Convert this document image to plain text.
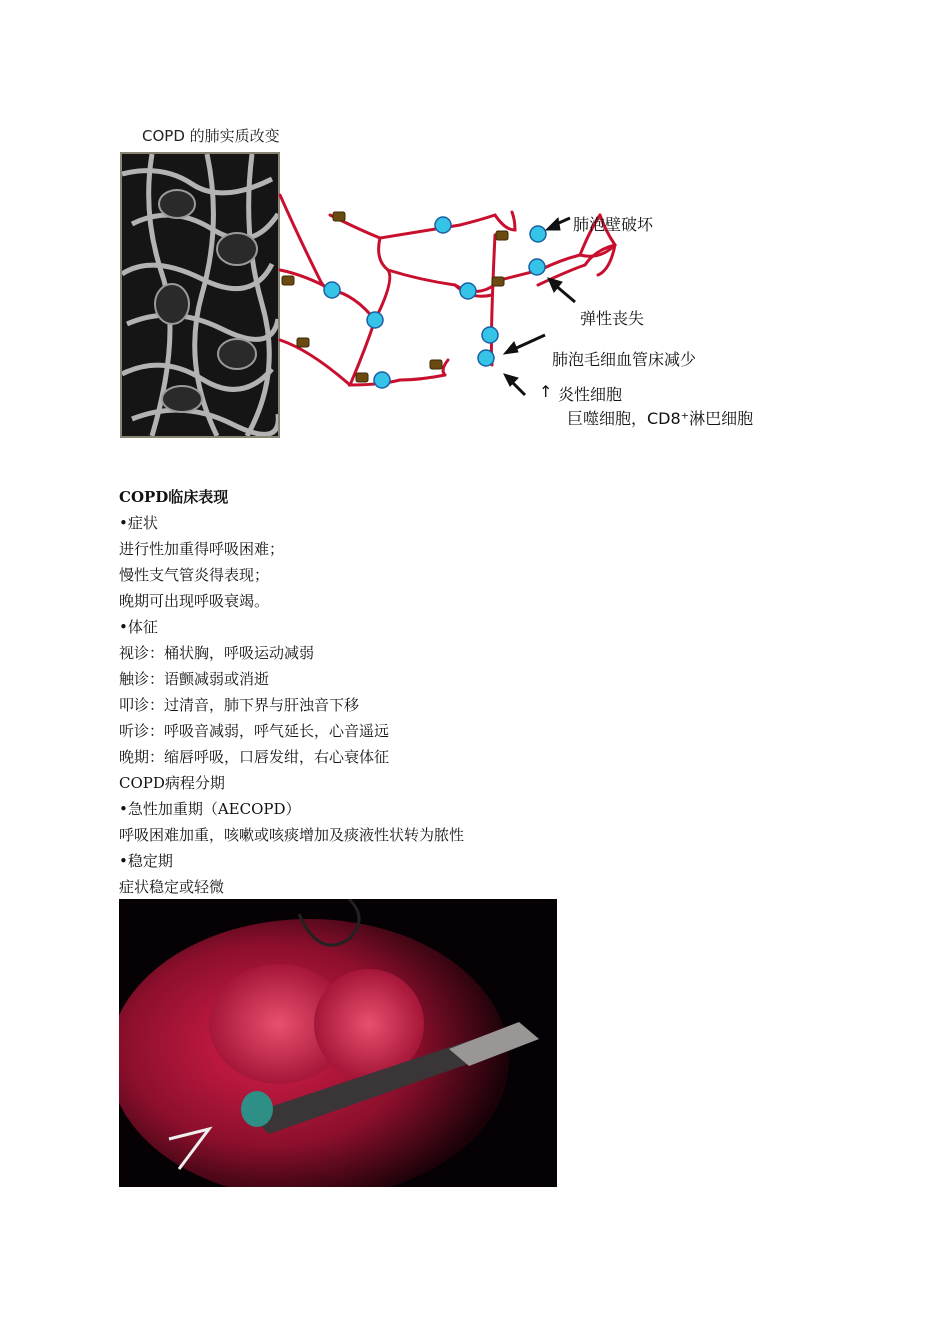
COPD 的肺实质改变
肺泡壁破坏
弹性丧失
肺泡毛细血管床减少
↑ 炎性细胞
巨噬细胞，CD8⁺淋巴细胞
COPD临床表现
•症状
进行性加重得呼吸困难；
慢性支气管炎得表现；
晚期可出现呼吸衰竭。
•体征
视诊：桶状胸，呼吸运动减弱
触诊：语颤减弱或消逝
叩诊：过清音，肺下界与肝浊音下移
听诊：呼吸音减弱，呼气延长，心音遥远
晚期：缩唇呼吸，口唇发绀，右心衰体征
COPD病程分期
•急性加重期（AECOPD）
呼吸困难加重，咳嗽或咳痰增加及痰液性状转为脓性
•稳定期
症状稳定或轻微
